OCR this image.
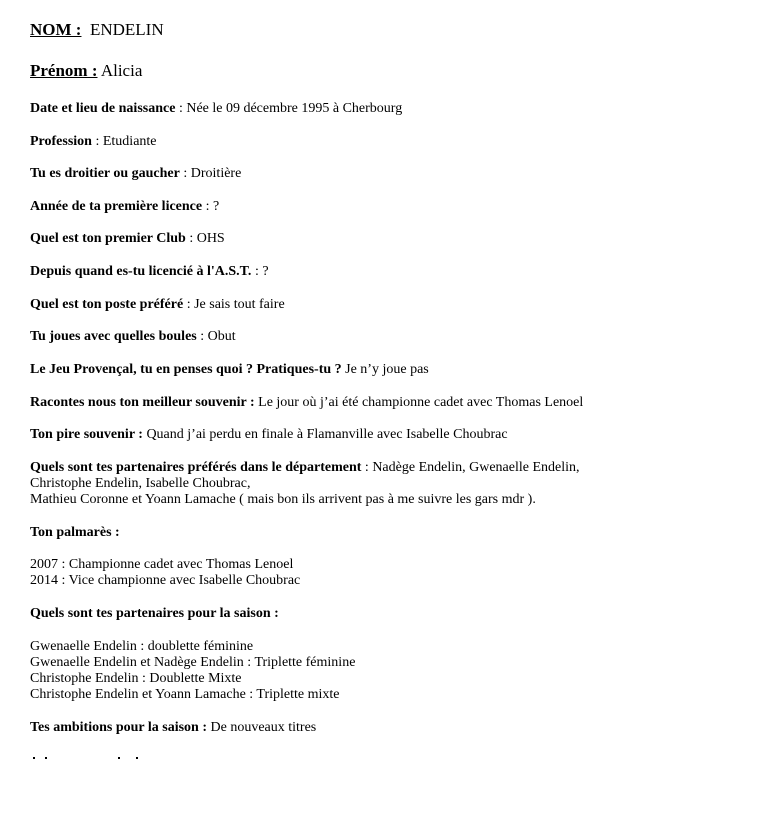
NOM : ENDELIN
Prénom : Alicia
Date et lieu de naissance : Née le 09 décembre 1995 à Cherbourg
Profession : Etudiante
Tu es droitier ou gaucher : Droitière
Année de ta première licence : ?
Quel est ton premier Club : OHS
Depuis quand es-tu licencié à l'A.S.T. : ?
Quel est ton poste préféré : Je sais tout faire
Tu joues avec quelles boules : Obut
Le Jeu Provençal, tu en penses quoi ? Pratiques-tu ? Je n’y joue pas
Racontes nous ton meilleur souvenir : Le jour où j’ai été championne cadet avec Thomas Lenoel
Ton pire souvenir : Quand j’ai perdu en finale à Flamanville avec Isabelle Choubrac
Quels sont tes partenaires préférés dans le département : Nadège Endelin, Gwenaelle Endelin,
Christophe Endelin, Isabelle Choubrac,
Mathieu Coronne et Yoann Lamache ( mais bon ils arrivent pas à me suivre les gars mdr ).
Ton palmarès :
2007 : Championne cadet avec Thomas Lenoel
2014 : Vice championne avec Isabelle Choubrac
Quels sont tes partenaires pour la saison :
Gwenaelle Endelin : doublette féminine
Gwenaelle Endelin et Nadège Endelin : Triplette féminine
Christophe Endelin : Doublette Mixte
Christophe Endelin et Yoann Lamache : Triplette mixte
Tes ambitions pour la saison : De nouveaux titres
